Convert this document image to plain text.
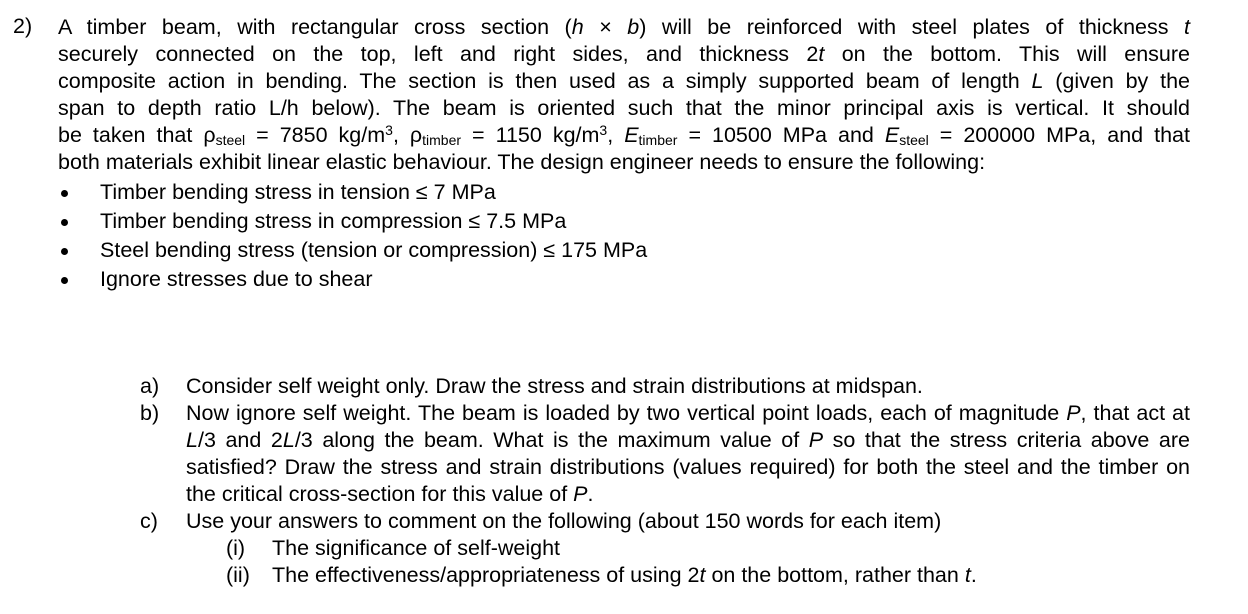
2) A timber beam, with rectangular cross section (h × b) will be reinforced with steel plates of thickness t
securely connected on the top, left and right sides, and thickness 2t on the bottom. This will ensure
composite action in bending. The section is then used as a simply supported beam of length L (given by the
span to depth ratio L/h below). The beam is oriented such that the minor principal axis is vertical. It should
be taken that $\rho_{steel} = 7850$ $kg/m^3$, $\rho_{timber} = 1150$ $kg/m^3$, $E_{timber} = 10500$ MPa and $E_{steel} = 200000$ MPa, and that
both materials exhibit linear elastic behaviour. The design engineer needs to ensure the following:
Timber bending stress in tension ≤ 7 MPa
Timber bending stress in compression ≤ 7.5 MPa
Steel bending stress (tension or compression) ≤ 175 MPa
Ignore stresses due to shear
a) Consider self weight only. Draw the stress and strain distributions at midspan.
b) Now ignore self weight. The beam is loaded by two vertical point loads, each of magnitude P, that act at L/3 and 2L/3 along the beam. What is the maximum value of P so that the stress criteria above are satisfied? Draw the stress and strain distributions (values required) for both the steel and the timber on the critical cross-section for this value of P.
c) Use your answers to comment on the following (about 150 words for each item)
(i) The significance of self-weight
(ii) The effectiveness/appropriateness of using 2t on the bottom, rather than t.
